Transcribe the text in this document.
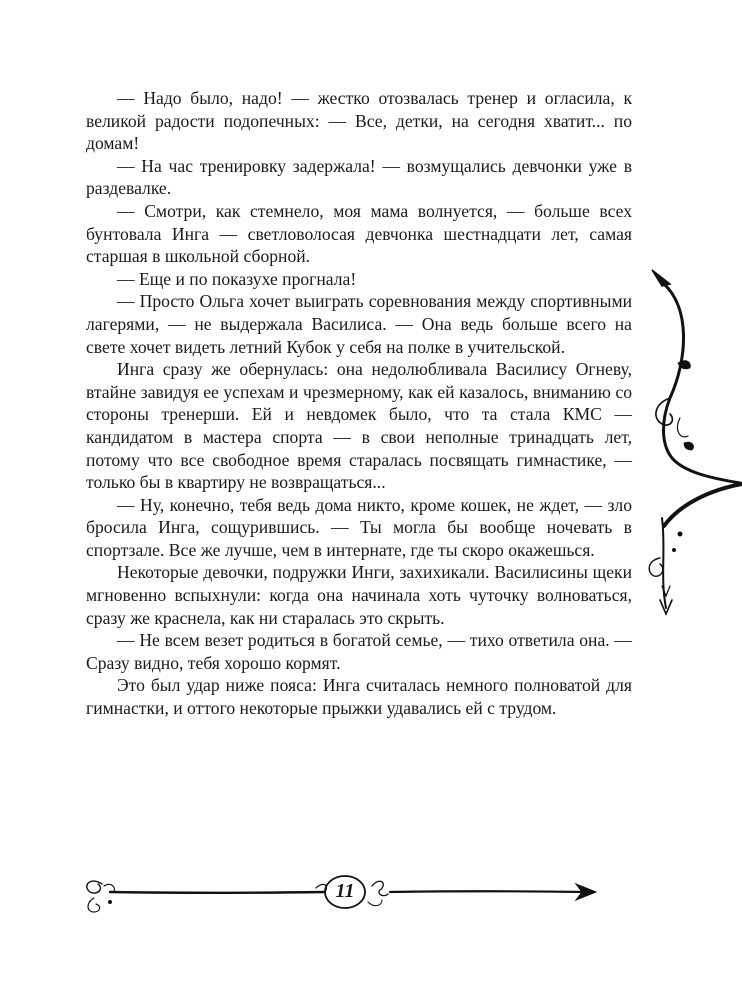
— Надо было, надо! — жестко отозвалась тренер и огласила, к великой радости подопечных: — Все, детки, на сегодня хватит... по домам!

— На час тренировку задержала! — возмущались девчонки уже в раздевалке.

— Смотри, как стемнело, моя мама волнуется, — больше всех бунтовала Инга — светловолосая девчонка шестнадцати лет, самая старшая в школьной сборной.

— Еще и по показухе прогнала!

— Просто Ольга хочет выиграть соревнования между спортивными лагерями, — не выдержала Василиса. — Она ведь больше всего на свете хочет видеть летний Кубок у себя на полке в учительской.

Инга сразу же обернулась: она недолюбливала Василису Огневу, втайне завидуя ее успехам и чрезмерному, как ей казалось, вниманию со стороны тренерши. Ей и невдомек было, что та стала КМС — кандидатом в мастера спорта — в свои неполные тринадцать лет, потому что все свободное время старалась посвящать гимнастике, — только бы в квартиру не возвращаться...

— Ну, конечно, тебя ведь дома никто, кроме кошек, не ждет, — зло бросила Инга, сощурившись. — Ты могла бы вообще ночевать в спортзале. Все же лучше, чем в интернате, где ты скоро окажешься.

Некоторые девочки, подружки Инги, захихикали. Василисины щеки мгновенно вспыхнули: когда она начинала хоть чуточку волноваться, сразу же краснела, как ни старалась это скрыть.

— Не всем везет родиться в богатой семье, — тихо ответила она. — Сразу видно, тебя хорошо кормят.

Это был удар ниже пояса: Инга считалась немного полноватой для гимнастки, и оттого некоторые прыжки удавались ей с трудом.

11
